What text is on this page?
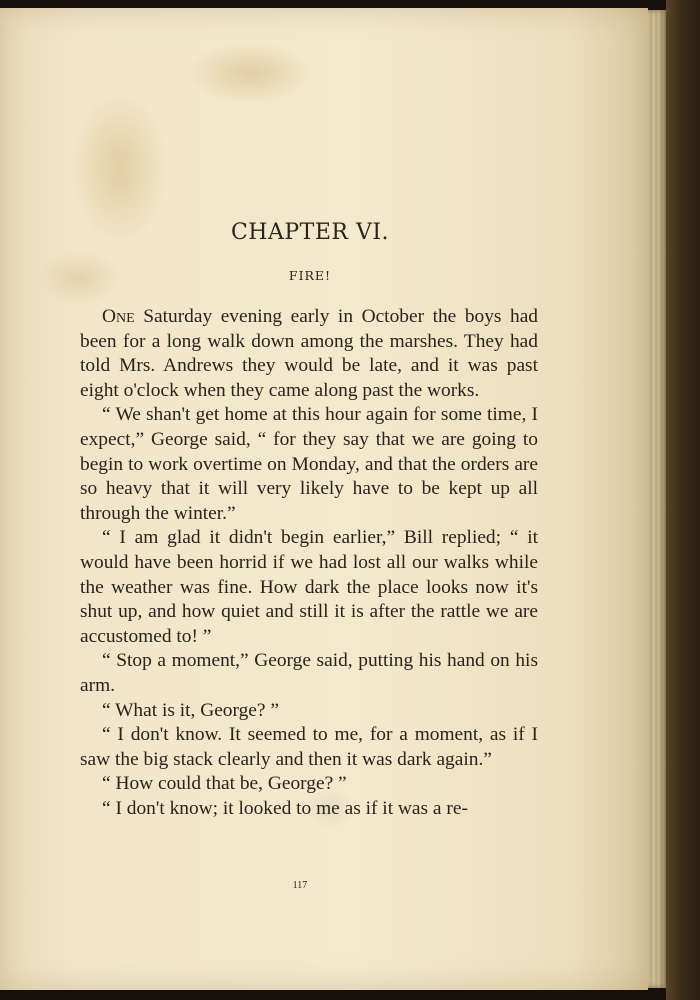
CHAPTER VI.
FIRE!

One Saturday evening early in October the boys had been for a long walk down among the marshes. They had told Mrs. Andrews they would be late, and it was past eight o'clock when they came along past the works.

“ We shan't get home at this hour again for some time, I expect,” George said, “ for they say that we are going to begin to work overtime on Monday, and that the orders are so heavy that it will very likely have to be kept up all through the winter.”

“ I am glad it didn't begin earlier,” Bill replied; “ it would have been horrid if we had lost all our walks while the weather was fine. How dark the place looks now it's shut up, and how quiet and still it is after the rattle we are accustomed to! ”

“ Stop a moment,” George said, putting his hand on his arm.

“ What is it, George? ”

“ I don't know. It seemed to me, for a moment, as if I saw the big stack clearly and then it was dark again.”

“ How could that be, George? ”

“ I don't know; it looked to me as if it was a re-

117
